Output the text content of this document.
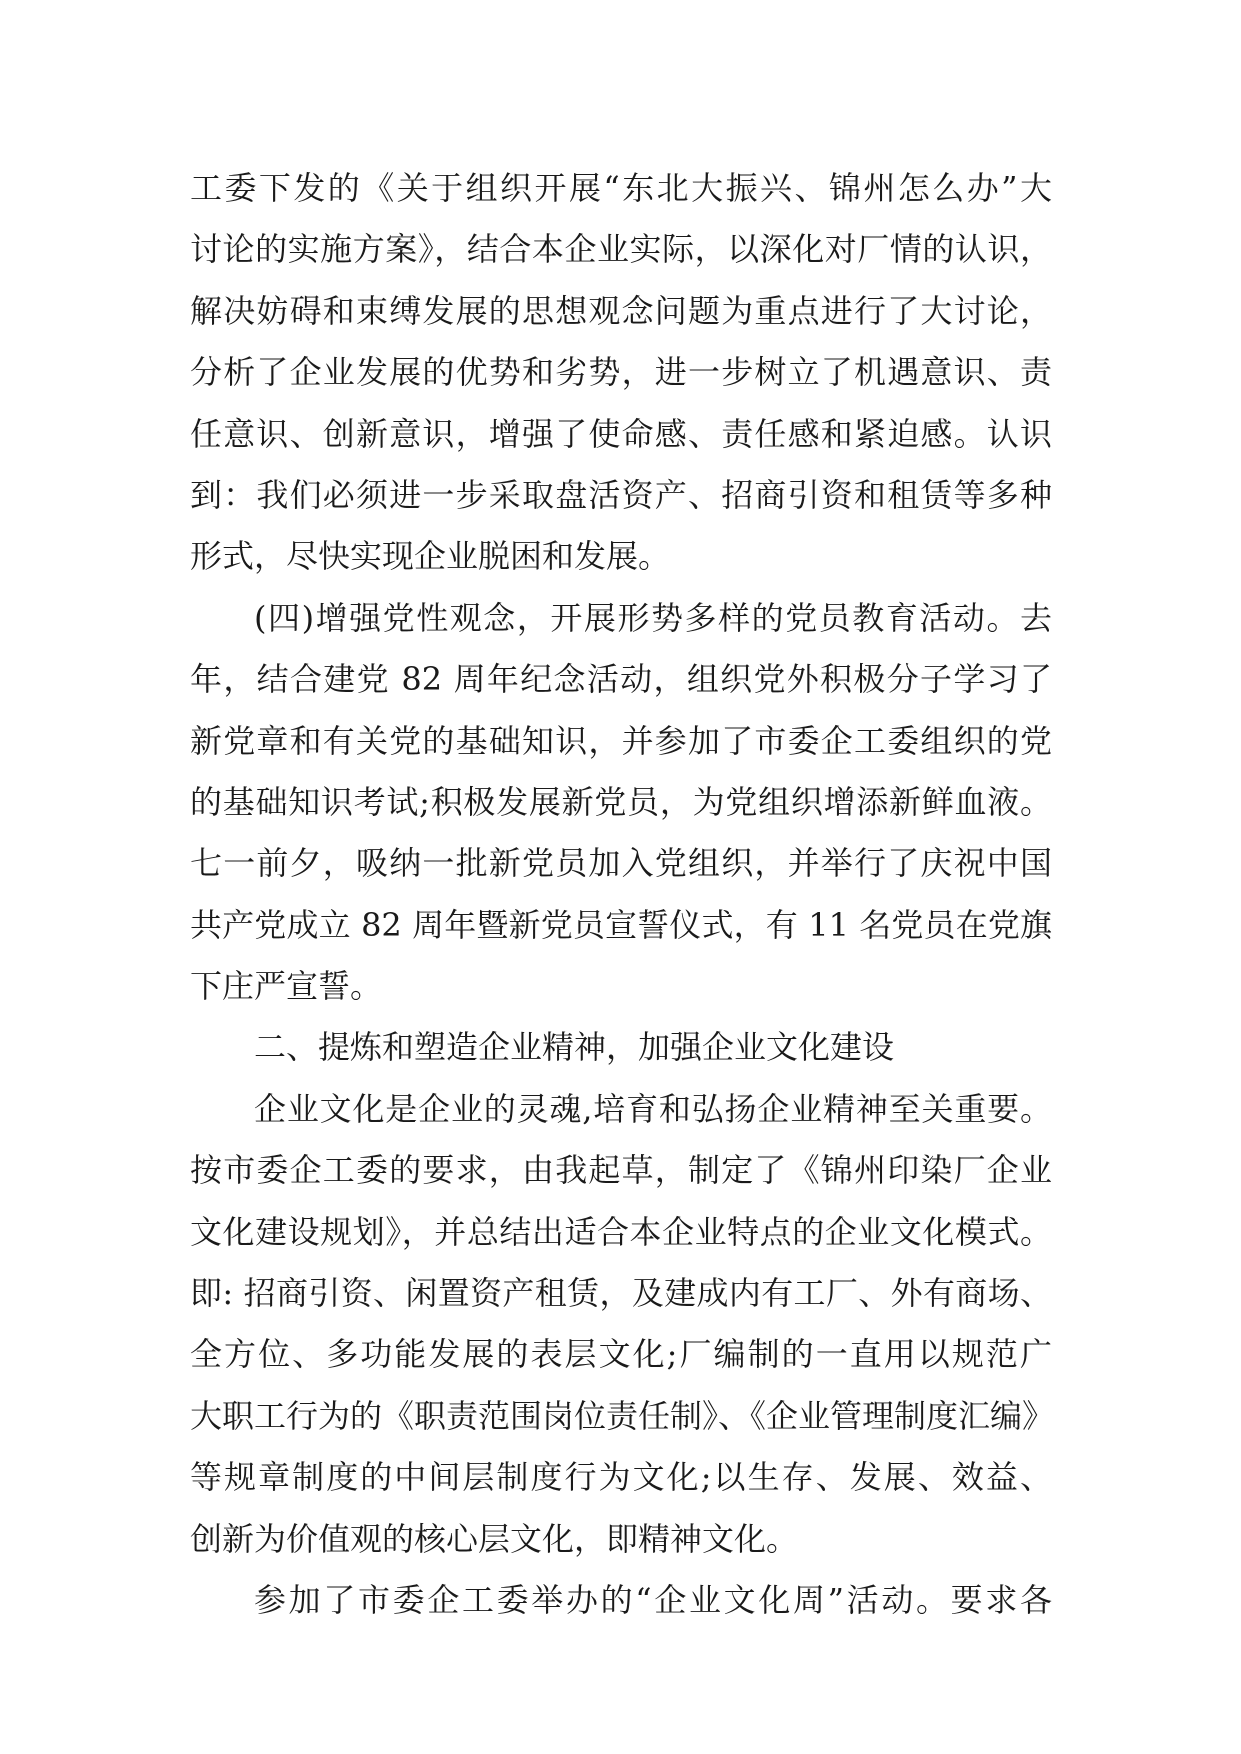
工委下发的《关于组织开展“东北大振兴、锦州怎么办”大
讨论的实施方案》，结合本企业实际，以深化对厂情的认识，
解决妨碍和束缚发展的思想观念问题为重点进行了大讨论，
分析了企业发展的优势和劣势，进一步树立了机遇意识、责
任意识、创新意识，增强了使命感、责任感和紧迫感。认识
到：我们必须进一步采取盘活资产、招商引资和租赁等多种
形式，尽快实现企业脱困和发展。
(四)增强党性观念，开展形势多样的党员教育活动。去
年，结合建党 82 周年纪念活动，组织党外积极分子学习了
新党章和有关党的基础知识，并参加了市委企工委组织的党
的基础知识考试;积极发展新党员，为党组织增添新鲜血液。
七一前夕，吸纳一批新党员加入党组织，并举行了庆祝中国
共产党成立 82 周年暨新党员宣誓仪式，有 11 名党员在党旗
下庄严宣誓。
二、提炼和塑造企业精神，加强企业文化建设
企业文化是企业的灵魂,培育和弘扬企业精神至关重要。
按市委企工委的要求，由我起草，制定了《锦州印染厂企业
文化建设规划》，并总结出适合本企业特点的企业文化模式。
即: 招商引资、闲置资产租赁，及建成内有工厂、外有商场、
全方位、多功能发展的表层文化;厂编制的一直用以规范广
大职工行为的《职责范围岗位责任制》、《企业管理制度汇编》
等规章制度的中间层制度行为文化;以生存、发展、效益、
创新为价值观的核心层文化，即精神文化。
参加了市委企工委举办的“企业文化周”活动。要求各
